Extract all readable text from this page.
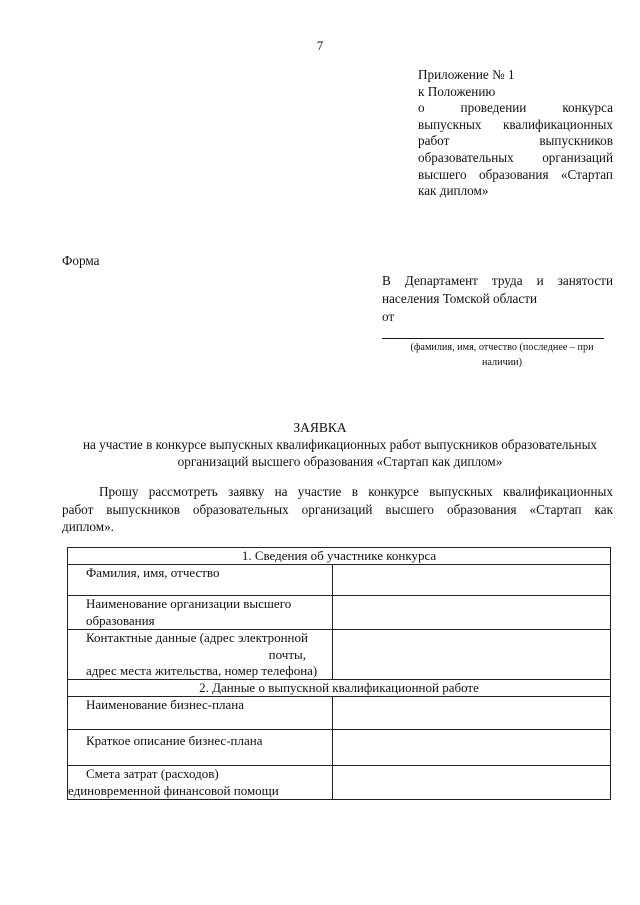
7
Приложение № 1
к Положению
о проведении конкурса
выпускных квалификационных
работ выпускников
образовательных организаций
высшего образования «Стартап
как диплом»
Форма
В Департамент труда и занятости
населения Томской области
от
(фамилия, имя, отчество (последнее – при
наличии)
ЗАЯВКА
на участие в конкурсе выпускных квалификационных работ выпускников образовательных
организаций высшего образования «Стартап как диплом»
Прошу рассмотреть заявку на участие в конкурсе выпускных квалификационных
работ выпускников образовательных организаций высшего образования «Стартап как
диплом».
1. Сведения об участнике конкурса	
Фамилия, имя, отчество	

Наименование организации высшего
образования	

Контактные данные (адрес электронной
почты,
адрес места жительства, номер телефона)	

2. Данные о выпускной квалификационной работе	
Наименование бизнес-плана	
Краткое описание бизнес-плана	

Смета затрат (расходов)
единовременной финансовой помощи	
